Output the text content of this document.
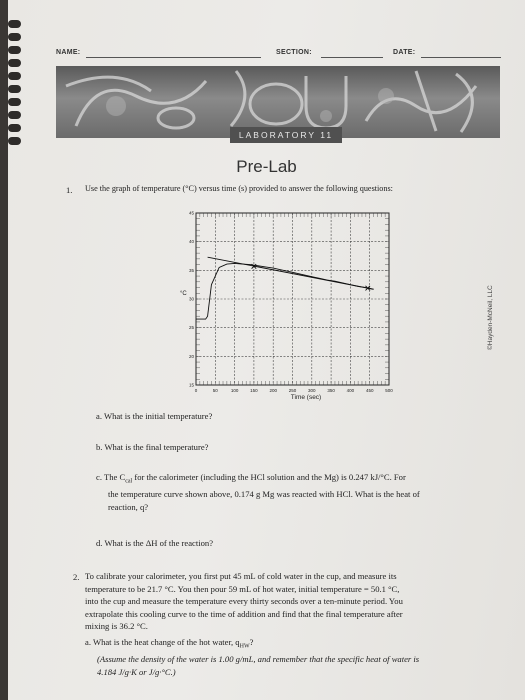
NAME:	SECTION:	DATE:
LABORATORY 11
Pre-Lab
1. Use the graph of temperature (°C) versus time (s) provided to answer the following questions:
0	50	100	150	200	250	300	350	400	450	500
15
20
25
30
35
40
45
°C
Time (sec)
©Hayden-McNeil, LLC
a. What is the initial temperature?
b. What is the final temperature?
c. The $C_{cal}$ for the calorimeter (including the HCl solution and the Mg) is 0.247 kJ/°C. For
the temperature curve shown above, 0.174 g Mg was reacted with HCl. What is the heat of
reaction, q?
d. What is the ΔH of the reaction?
2. To calibrate your calorimeter, you first put 45 mL of cold water in the cup, and measure its
temperature to be 21.7 °C. You then pour 59 mL of hot water, initial temperature = 50.1 °C,
into the cup and measure the temperature every thirty seconds over a ten-minute period. You
extrapolate this cooling curve to the time of addition and find that the final temperature after
mixing is 36.2 °C.
a. What is the heat change of the hot water, $q_{HW}$?
(Assume the density of the water is 1.00 g/mL, and remember that the specific heat of water is
4.184 J/g·K or J/g·°C.)
